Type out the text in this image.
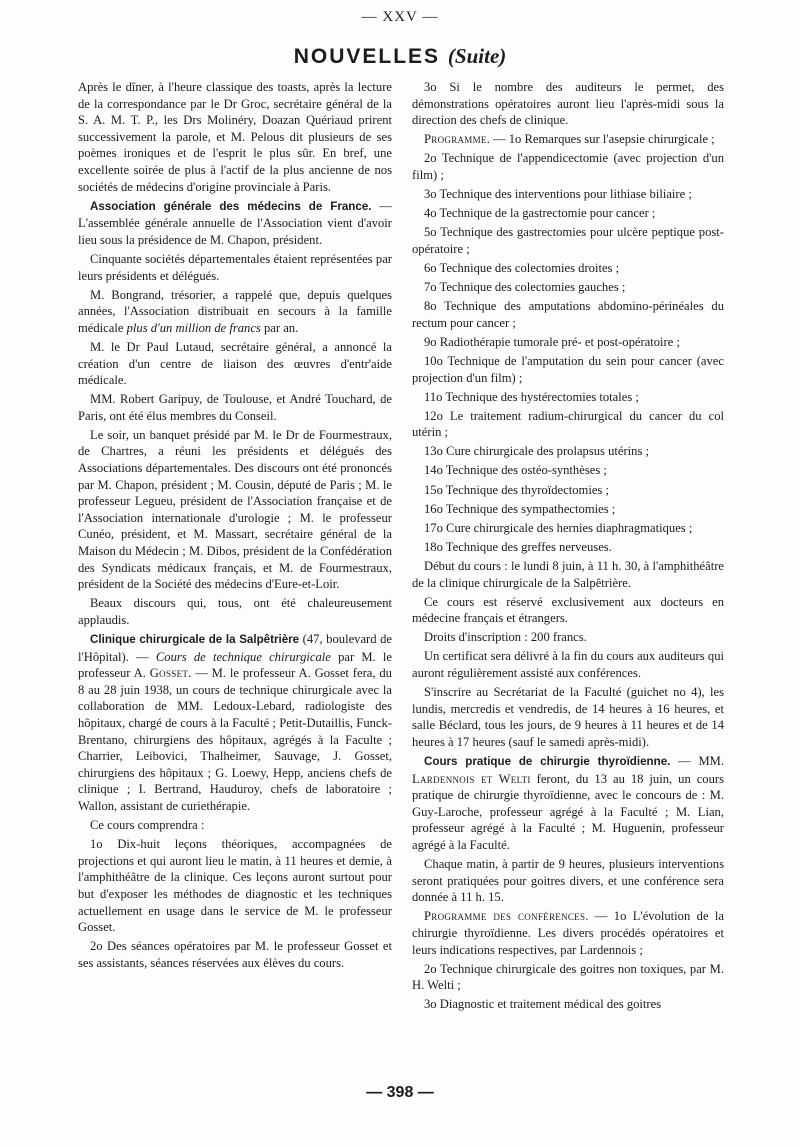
— XXV —
NOUVELLES (Suite)

Après le dîner, à l'heure classique des toasts, après la lecture de la correspondance par le Dr Groc, secrétaire général de la S. A. M. T. P., les Drs Molinéry, Doazan Quériaud prirent successivement la parole, et M. Pelous dit plusieurs de ses poèmes ironiques et de l'esprit le plus sûr. En bref, une excellente soirée de plus à l'actif de la plus ancienne de nos sociétés de médecins d'origine provinciale à Paris.

Association générale des médecins de France. — L'assemblée générale annuelle de l'Association vient d'avoir lieu sous la présidence de M. Chapon, président.

Cinquante sociétés départementales étaient représentées par leurs présidents et délégués.

M. Bongrand, trésorier, a rappelé que, depuis quelques années, l'Association distribuait en secours à la famille médicale plus d'un million de francs par an.

M. le Dr Paul Lutaud, secrétaire général, a annoncé la création d'un centre de liaison des œuvres d'entr'aide médicale.

MM. Robert Garipuy, de Toulouse, et André Touchard, de Paris, ont été élus membres du Conseil.

Le soir, un banquet présidé par M. le Dr de Fourmestraux, de Chartres, a réuni les présidents et délégués des Associations départementales. Des discours ont été prononcés par M. Chapon, président ; M. Cousin, député de Paris ; M. le professeur Legueu, président de l'Association française et de l'Association internationale d'urologie ; M. le professeur Cunéo, président, et M. Massart, secrétaire général de la Maison du Médecin ; M. Dibos, président de la Confédération des Syndicats médicaux français, et M. de Fourmestraux, président de la Société des médecins d'Eure-et-Loir.

Beaux discours qui, tous, ont été chaleureusement applaudis.

Clinique chirurgicale de la Salpêtrière (47, boulevard de l'Hôpital). — Cours de technique chirurgicale par M. le professeur A. Gosset. — M. le professeur A. Gosset fera, du 8 au 28 juin 1938, un cours de technique chirurgicale avec la collaboration de MM. Ledoux-Lebard, radiologiste des hôpitaux, chargé de cours à la Faculté ; Petit-Dutaillis, Funck-Brentano, chirurgiens des hôpitaux, agrégés à la Faculte ; Charrier, Leibovici, Thalheimer, Sauvage, J. Gosset, chirurgiens des hôpitaux ; G. Loewy, Hepp, anciens chefs de clinique ; I. Bertrand, Hauduroy, chefs de laboratoire ; Wallon, assistant de curiethérapie.

Ce cours comprendra :

1o Dix-huit leçons théoriques, accompagnées de projections et qui auront lieu le matin, à 11 heures et demie, à l'amphithéâtre de la clinique. Ces leçons auront surtout pour but d'exposer les méthodes de diagnostic et les techniques actuellement en usage dans le service de M. le professeur Gosset.

2o Des séances opératoires par M. le professeur Gosset et ses assistants, séances réservées aux élèves du cours.

3o Si le nombre des auditeurs le permet, des démonstrations opératoires auront lieu l'après-midi sous la direction des chefs de clinique.

Programme. — 1o Remarques sur l'asepsie chirurgicale ;

2o Technique de l'appendicectomie (avec projection d'un film) ;

3o Technique des interventions pour lithiase biliaire ;

4o Technique de la gastrectomie pour cancer ;

5o Technique des gastrectomies pour ulcère peptique post-opératoire ;

6o Technique des colectomies droites ;

7o Technique des colectomies gauches ;

8o Technique des amputations abdomino-périnéales du rectum pour cancer ;

9o Radiothérapie tumorale pré- et post-opératoire ;

10o Technique de l'amputation du sein pour cancer (avec projection d'un film) ;

11o Technique des hystérectomies totales ;

12o Le traitement radium-chirurgical du cancer du col utérin ;

13o Cure chirurgicale des prolapsus utérins ;

14o Technique des ostéo-synthèses ;

15o Technique des thyroïdectomies ;

16o Technique des sympathectomies ;

17o Cure chirurgicale des hernies diaphragmatiques ;

18o Technique des greffes nerveuses.

Début du cours : le lundi 8 juin, à 11 h. 30, à l'amphithéâtre de la clinique chirurgicale de la Salpêtrière.

Ce cours est réservé exclusivement aux docteurs en médecine français et étrangers.

Droits d'inscription : 200 francs.

Un certificat sera délivré à la fin du cours aux auditeurs qui auront régulièrement assisté aux conférences.

S'inscrire au Secrétariat de la Faculté (guichet no 4), les lundis, mercredis et vendredis, de 14 heures à 16 heures, et salle Béclard, tous les jours, de 9 heures à 11 heures et de 14 heures à 17 heures (sauf le samedi après-midi).

Cours pratique de chirurgie thyroïdienne. — MM. Lardennois et Welti feront, du 13 au 18 juin, un cours pratique de chirurgie thyroïdienne, avec le concours de : M. Guy-Laroche, professeur agrégé à la Faculté ; M. Lian, professeur agrégé à la Faculté ; M. Huguenin, professeur agrégé à la Faculté.

Chaque matin, à partir de 9 heures, plusieurs interventions seront pratiquées pour goitres divers, et une conférence sera donnée à 11 h. 15.

Programme des conférences. — 1o L'évolution de la chirurgie thyroïdienne. Les divers procédés opératoires et leurs indications respectives, par Lardennois ;

2o Technique chirurgicale des goitres non toxiques, par M. H. Welti ;

3o Diagnostic et traitement médical des goitres

— 398 —
